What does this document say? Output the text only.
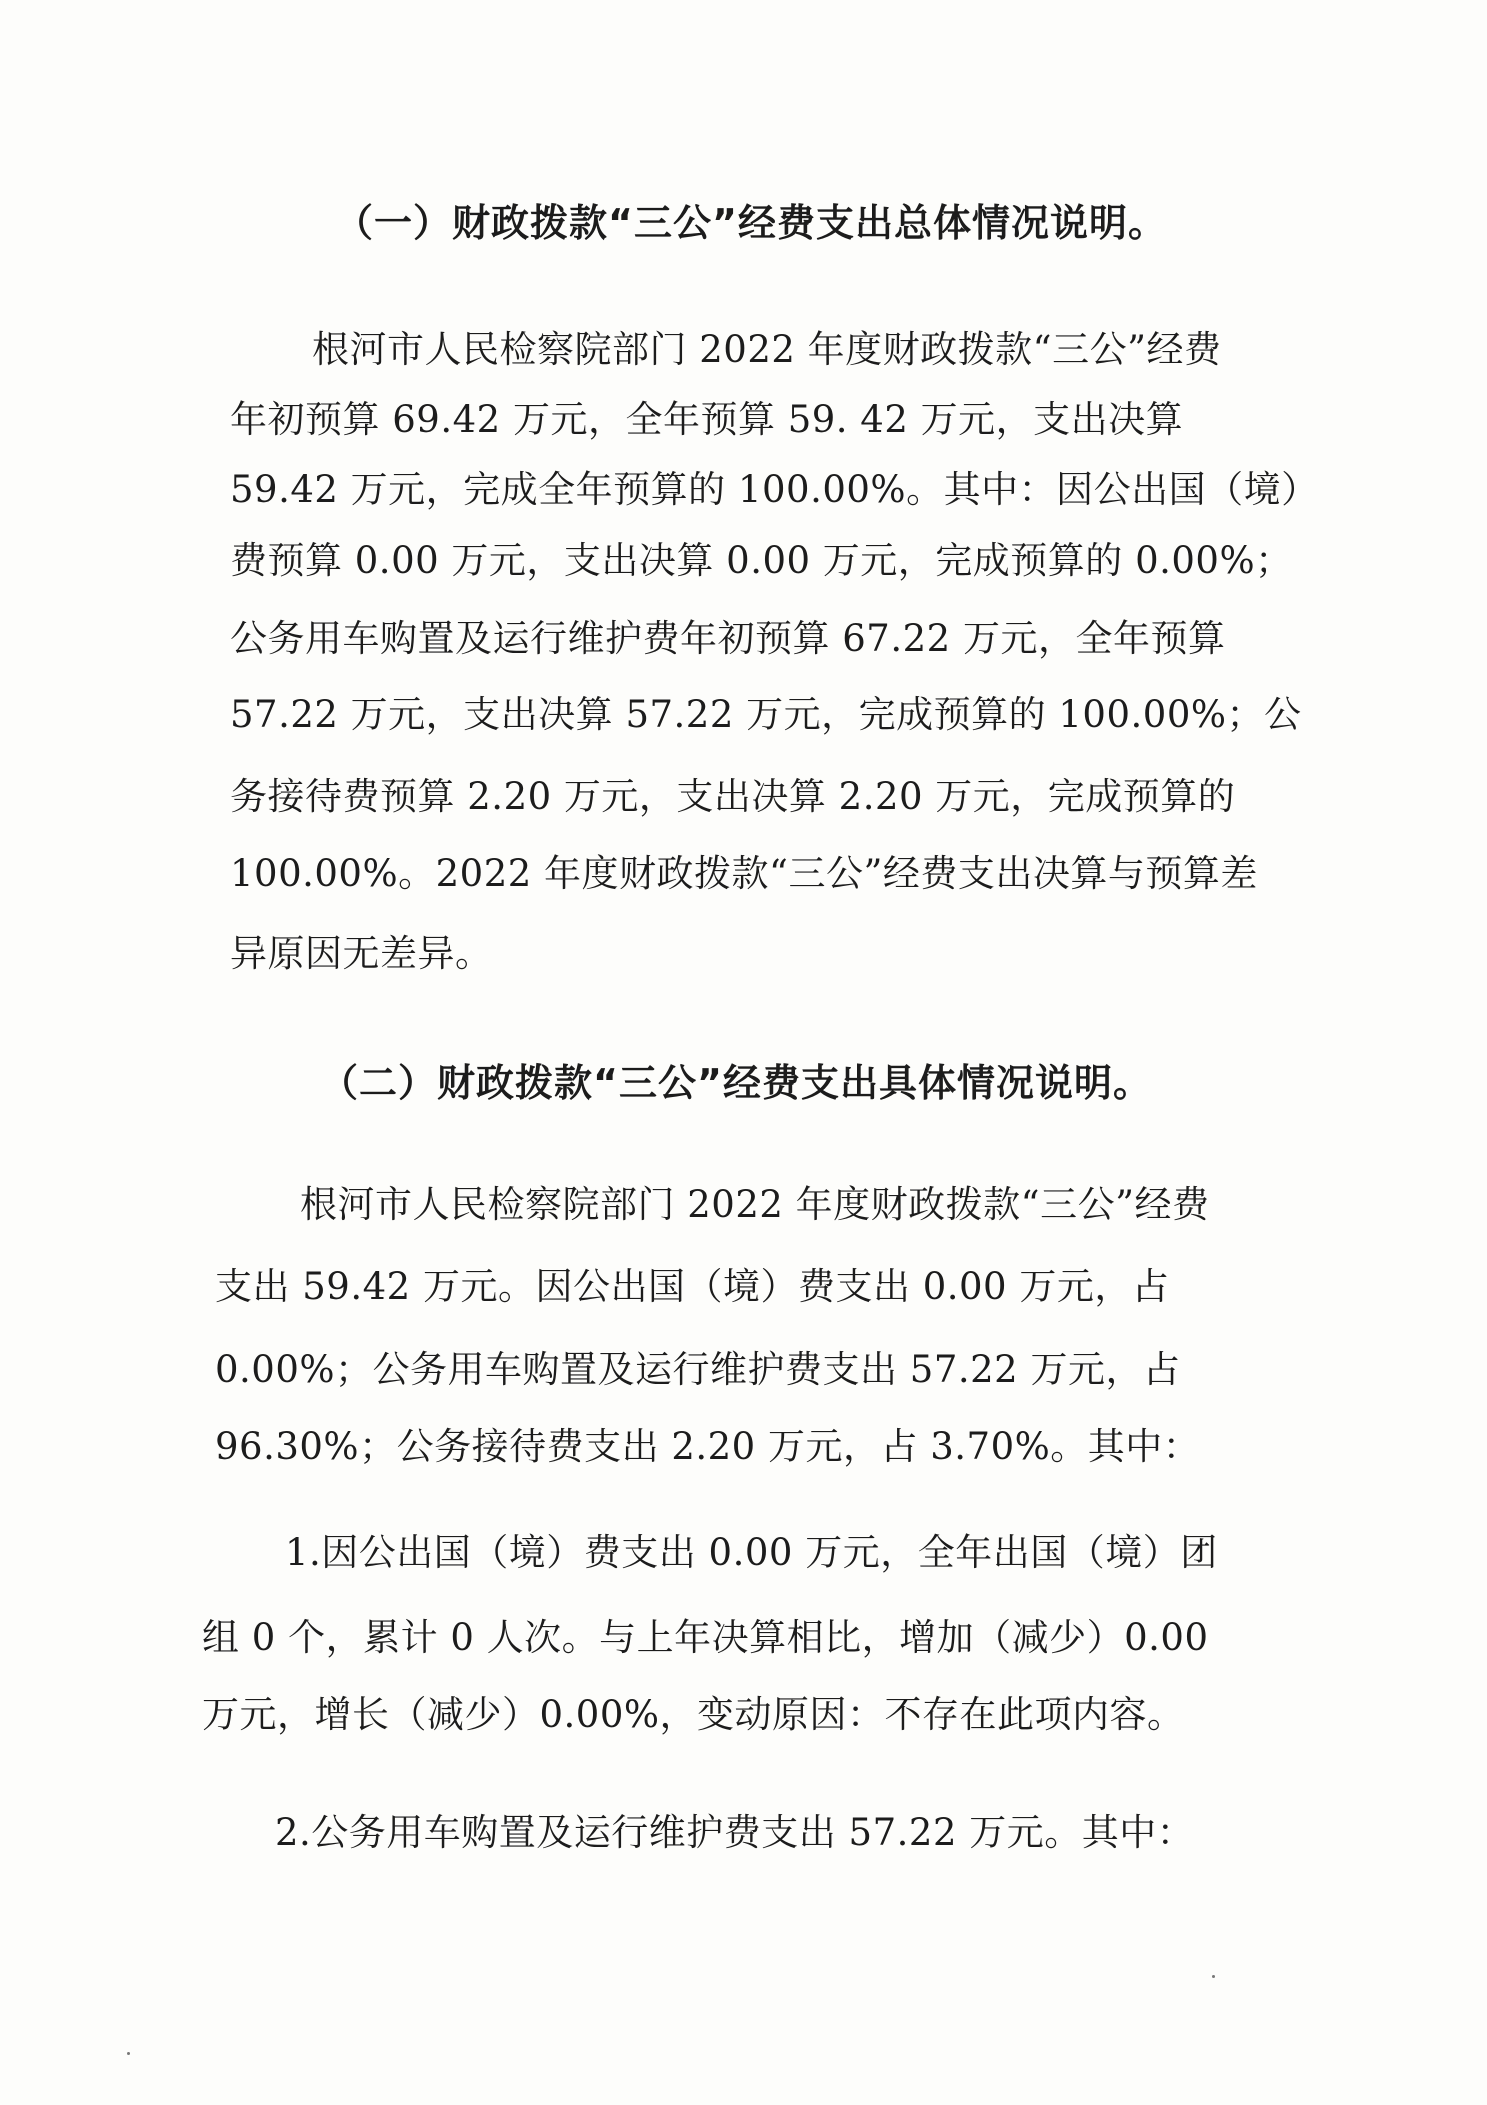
（一）财政拨款“三公”经费支出总体情况说明。
根河市人民检察院部门 2022 年度财政拨款“三公”经费
年初预算 69.42 万元，全年预算 59. 42 万元，支出决算
59.42 万元，完成全年预算的 100.00%。其中：因公出国（境）
费预算 0.00 万元，支出决算 0.00 万元，完成预算的 0.00%；
公务用车购置及运行维护费年初预算 67.22 万元，全年预算
57.22 万元，支出决算 57.22 万元，完成预算的 100.00%；公
务接待费预算 2.20 万元，支出决算 2.20 万元，完成预算的
100.00%。2022 年度财政拨款“三公”经费支出决算与预算差
异原因无差异。
（二）财政拨款“三公”经费支出具体情况说明。
根河市人民检察院部门 2022 年度财政拨款“三公”经费
支出 59.42 万元。因公出国（境）费支出 0.00 万元，占
0.00%；公务用车购置及运行维护费支出 57.22 万元，占
96.30%；公务接待费支出 2.20 万元，占 3.70%。其中：
1.因公出国（境）费支出 0.00 万元，全年出国（境）团
组 0 个，累计 0 人次。与上年决算相比，增加（减少）0.00
万元，增长（减少）0.00%，变动原因：不存在此项内容。
2.公务用车购置及运行维护费支出 57.22 万元。其中：
